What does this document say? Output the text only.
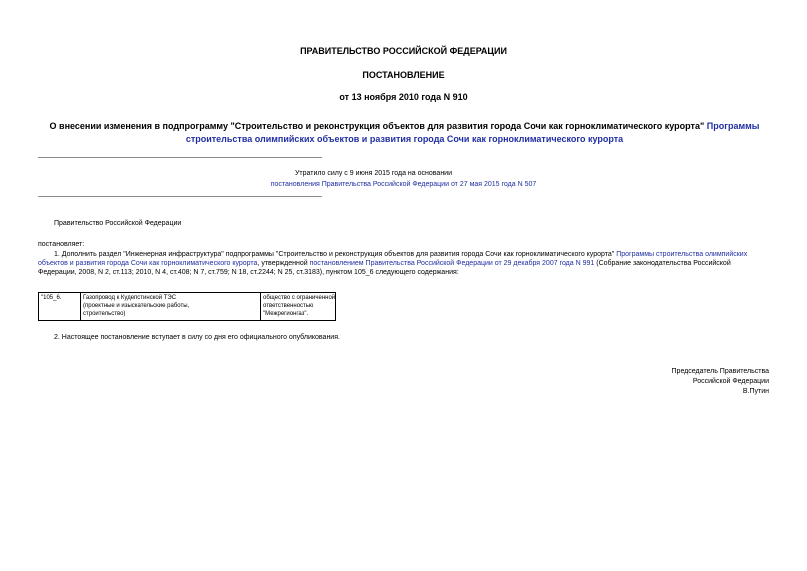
ПРАВИТЕЛЬСТВО РОССИЙСКОЙ ФЕДЕРАЦИИ
ПОСТАНОВЛЕНИЕ
от 13 ноября 2010 года N 910
О внесении изменения в подпрограмму "Строительство и реконструкция объектов для развития города Сочи как горноклиматического курорта" Программы строительства олимпийских объектов и развития города Сочи как горноклиматического курорта
Утратило силу с 9 июня 2015 года на основании
постановления Правительства Российской Федерации от 27 мая 2015 года N 507
Правительство Российской Федерации
постановляет:
1. Дополнить раздел "Инженерная инфраструктура" подпрограммы "Строительство и реконструкция объектов для развития города Сочи как горноклиматического курорта" Программы строительства олимпийских
объектов и развития города Сочи как горноклиматического курорта, утвержденной постановлением Правительства Российской Федерации от 29 декабря 2007 года N 991 (Собрание законодательства Российской
Федерации, 2008, N 2, ст.113; 2010, N 4, ст.408; N 7, ст.759; N 18, ст.2244; N 25, ст.3183), пунктом 105_6 следующего содержания:
"105_6.	Газопровод к Кудепстинской ТЭС
(проектные и изыскательские работы,
строительство)
общество с ограниченной
ответственностью
"Межрегионгаз".
2. Настоящее постановление вступает в силу со дня его официального опубликования.
Председатель Правительства
Российской Федерации
В.Путин
